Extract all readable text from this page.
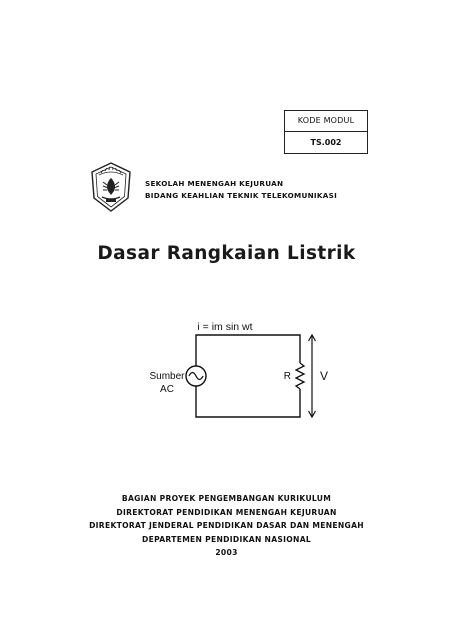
KODE MODUL
TS.002
SEKOLAH MENENGAH KEJURUAN
BIDANG KEAHLIAN TEKNIK TELEKOMUNIKASI
Dasar Rangkaian Listrik
i = im sin wt
Sumber
AC
R V
BAGIAN PROYEK PENGEMBANGAN KURIKULUM
DIREKTORAT PENDIDIKAN MENENGAH KEJURUAN
DIREKTORAT JENDERAL PENDIDIKAN DASAR DAN MENENGAH
DEPARTEMEN PENDIDIKAN NASIONAL
2003
